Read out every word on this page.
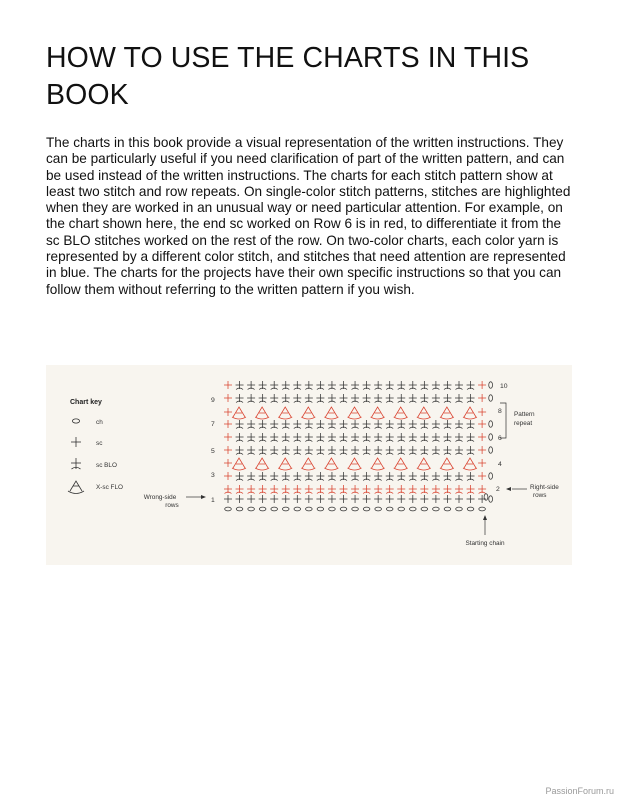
HOW TO USE THE CHARTS IN THIS BOOK

The charts in this book provide a visual representation of the written instructions. They can be particularly useful if you need clarification of part of the written pattern, and can be used instead of the written instructions. The charts for each stitch pattern show at least two stitch and row repeats. On single-color stitch patterns, stitches are highlighted when they are worked in an unusual way or need particular attention. For example, on the chart shown here, the end sc worked on Row 6 is in red, to differentiate it from the sc BLO stitches worked on the rest of the row. On two-color charts, each color yarn is represented by a different color stitch, and stitches that need attention are represented in blue. The charts for the projects have their own specific instructions so that you can follow them without referring to the written pattern if you wish.

Chart key
ch
sc
sc BLO
X-sc FLO
Wrong-side
rows
Right-side
rows
Pattern
repeat
Starting chain
9
7
5
3
1
10
8
6
4
2
PassionForum.ru
